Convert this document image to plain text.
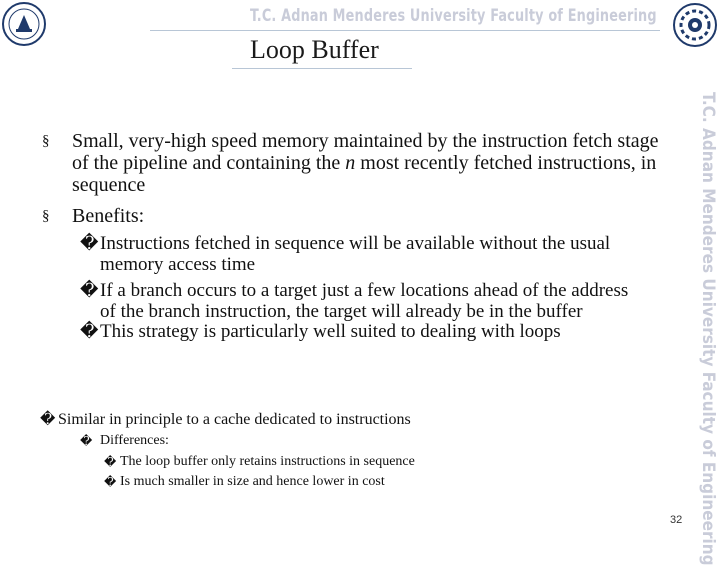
T.C. Adnan Menderes University Faculty of Engineering
T.C. Adnan Menderes University Faculty of Engineering
Loop Buffer
§ Small, very-high speed memory maintained by the instruction fetch stage of the pipeline and containing the n most recently fetched instructions, in sequence
§ Benefits:
� Instructions fetched in sequence will be available without the usual memory access time
� If a branch occurs to a target just a few locations ahead of the address of the branch instruction, the target will already be in the buffer
� This strategy is particularly well suited to dealing with loops
� Similar in principle to a cache dedicated to instructions
� Differences:
� The loop buffer only retains instructions in sequence
� Is much smaller in size and hence lower in cost
32
